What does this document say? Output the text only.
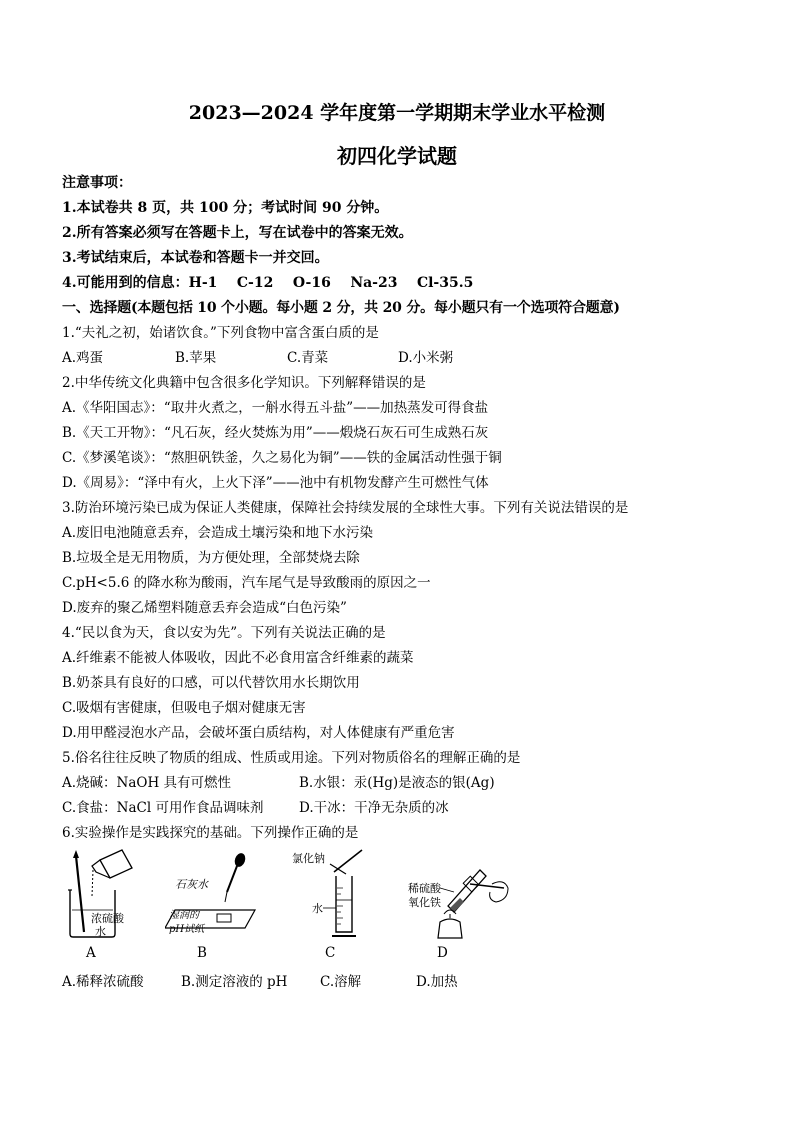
2023—2024 学年度第一学期期末学业水平检测
初四化学试题
注意事项：
1.本试卷共 8 页，共 100 分；考试时间 90 分钟。
2.所有答案必须写在答题卡上，写在试卷中的答案无效。
3.考试结束后，本试卷和答题卡一并交回。
4.可能用到的信息：H-1    C-12    O-16    Na-23    Cl-35.5
一、选择题(本题包括 10 个小题。每小题 2 分，共 20 分。每小题只有一个选项符合题意)
1.“夫礼之初，始诸饮食。”下列食物中富含蛋白质的是
A.鸡蛋	B.苹果	C.青菜	D.小米粥
2.中华传统文化典籍中包含很多化学知识。下列解释错误的是
A.《华阳国志》：“取井火煮之，一斛水得五斗盐”——加热蒸发可得食盐
B.《天工开物》：“凡石灰，经火焚炼为用”——煅烧石灰石可生成熟石灰
C.《梦溪笔谈》：“熬胆矾铁釜，久之易化为铜”——铁的金属活动性强于铜
D.《周易》：“泽中有火，上火下泽”——池中有机物发酵产生可燃性气体
3.防治环境污染已成为保证人类健康，保障社会持续发展的全球性大事。下列有关说法错误的是
A.废旧电池随意丢弃，会造成土壤污染和地下水污染
B.垃圾全是无用物质，为方便处理，全部焚烧去除
C.pH<5.6 的降水称为酸雨，汽车尾气是导致酸雨的原因之一
D.废弃的聚乙烯塑料随意丢弃会造成“白色污染”
4.“民以食为天，食以安为先”。下列有关说法正确的是
A.纤维素不能被人体吸收，因此不必食用富含纤维素的蔬菜
B.奶茶具有良好的口感，可以代替饮用水长期饮用
C.吸烟有害健康，但吸电子烟对健康无害
D.用甲醛浸泡水产品，会破坏蛋白质结构，对人体健康有严重危害
5.俗名往往反映了物质的组成、性质或用途。下列对物质俗名的理解正确的是
A.烧碱：NaOH 具有可燃性	B.水银：汞(Hg)是液态的银(Ag)
C.食盐：NaCl 可用作食品调味剂	D.干冰：干净无杂质的冰
6.实验操作是实践探究的基础。下列操作正确的是
浓硫酸
水
石灰水
湿润的
pH试纸
氯化钠
水
稀硫酸
氧化铁
A	B	C	D
A.稀释浓硫酸	B.测定溶液的 pH C.溶解	D.加热
